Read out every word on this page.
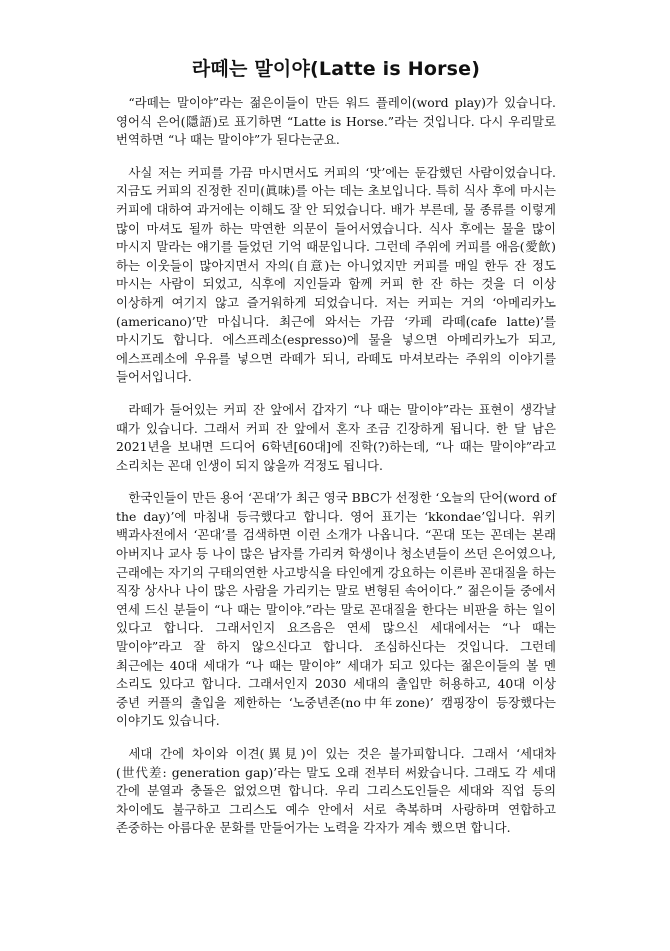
라떼는 말이야(Latte is Horse)

“라떼는 말이야”라는 젊은이들이 만든 워드 플레이(word play)가 있습니다. 영어식 은어(隱語)로 표기하면 “Latte is Horse.”라는 것입니다. 다시 우리말로 번역하면 “나 때는 말이야”가 된다는군요.

사실 저는 커피를 가끔 마시면서도 커피의 ‘맛’에는 둔감했던 사람이었습니다. 지금도 커피의 진정한 진미(眞味)를 아는 데는 초보입니다. 특히 식사 후에 마시는 커피에 대하여 과거에는 이해도 잘 안 되었습니다. 배가 부른데, 물 종류를 이렇게 많이 마셔도 될까 하는 막연한 의문이 들어서였습니다. 식사 후에는 물을 많이 마시지 말라는 얘기를 들었던 기억 때문입니다. 그런데 주위에 커피를 애음(愛飮)하는 이웃들이 많아지면서 자의(自意)는 아니었지만 커피를 매일 한두 잔 정도 마시는 사람이 되었고, 식후에 지인들과 함께 커피 한 잔 하는 것을 더 이상 이상하게 여기지 않고 즐거워하게 되었습니다. 저는 커피는 거의 ‘아메리카노(americano)’만 마십니다. 최근에 와서는 가끔 ‘카페 라떼(cafe latte)’를 마시기도 합니다. 에스프레소(espresso)에 물을 넣으면 아메리카노가 되고, 에스프레소에 우유를 넣으면 라떼가 되니, 라떼도 마셔보라는 주위의 이야기를 들어서입니다.

라떼가 들어있는 커피 잔 앞에서 갑자기 “나 때는 말이야”라는 표현이 생각날 때가 있습니다. 그래서 커피 잔 앞에서 혼자 조금 긴장하게 됩니다. 한 달 남은 2021년을 보내면 드디어 6학년[60대]에 진학(?)하는데, “나 때는 말이야”라고 소리치는 꼰대 인생이 되지 않을까 걱정도 됩니다.

한국인들이 만든 용어 ‘꼰대’가 최근 영국 BBC가 선정한 ‘오늘의 단어(word of the day)’에 마침내 등극했다고 합니다. 영어 표기는 ‘kkondae’입니다. 위키 백과사전에서 ‘꼰대’를 검색하면 이런 소개가 나옵니다. “꼰대 또는 꼰데는 본래 아버지나 교사 등 나이 많은 남자를 가리켜 학생이나 청소년들이 쓰던 은어였으나, 근래에는 자기의 구태의연한 사고방식을 타인에게 강요하는 이른바 꼰대질을 하는 직장 상사나 나이 많은 사람을 가리키는 말로 변형된 속어이다.” 젊은이들 중에서 연세 드신 분들이 “나 때는 말이야.”라는 말로 꼰대질을 한다는 비판을 하는 일이 있다고 합니다. 그래서인지 요즈음은 연세 많으신 세대에서는 “나 때는 말이야”라고 잘 하지 않으신다고 합니다. 조심하신다는 것입니다. 그런데 최근에는 40대 세대가 “나 때는 말이야” 세대가 되고 있다는 젊은이들의 볼 멘 소리도 있다고 합니다. 그래서인지 2030 세대의 출입만 허용하고, 40대 이상 중년 커플의 출입을 제한하는 ‘노중년존(no中年zone)’ 캠핑장이 등장했다는 이야기도 있습니다.

세대 간에 차이와 이견(異見)이 있는 것은 불가피합니다. 그래서 ‘세대차(世代差: generation gap)’라는 말도 오래 전부터 써왔습니다. 그래도 각 세대 간에 분열과 충돌은 없었으면 합니다. 우리 그리스도인들은 세대와 직업 등의 차이에도 불구하고 그리스도 예수 안에서 서로 축복하며 사랑하며 연합하고 존중하는 아름다운 문화를 만들어가는 노력을 각자가 계속 했으면 합니다.
